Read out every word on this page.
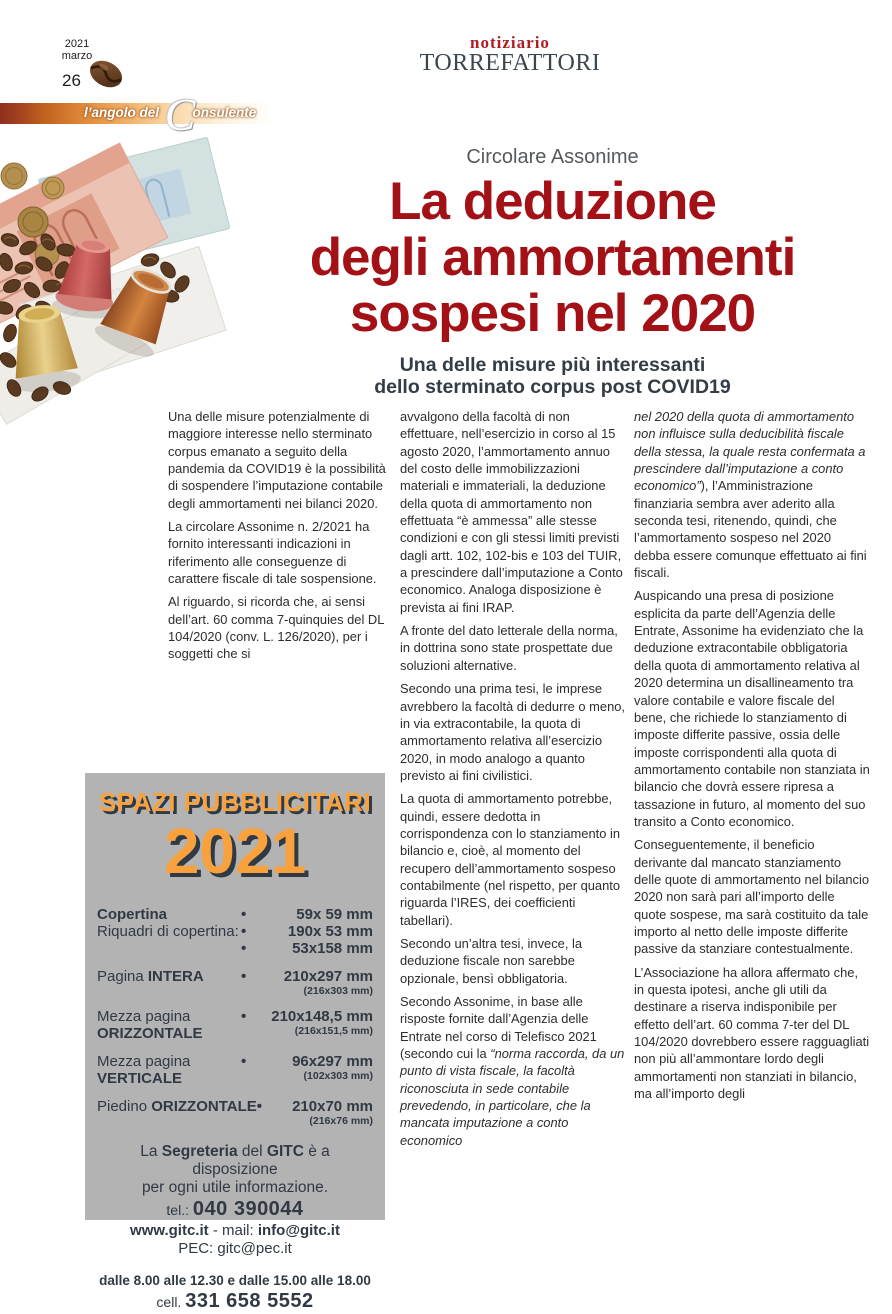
2021
marzo
26
notiziario
TORREFATTORI
l’angolo del Consulente
Circolare Assonime
La deduzione
degli ammortamenti
sospesi nel 2020
Una delle misure più interessanti
dello sterminato corpus post COVID19

Una delle misure potenzialmente di maggiore interesse nello sterminato corpus emanato a seguito della pandemia da COVID19 è la possibilità di sospendere l’imputazione contabile degli ammortamenti nei bilanci 2020.

La circolare Assonime n. 2/2021 ha fornito interessanti indicazioni in riferimento alle conseguenze di carattere fiscale di tale sospensione.

Al riguardo, si ricorda che, ai sensi dell’art. 60 comma 7-quinquies del DL 104/2020 (conv. L. 126/2020), per i soggetti che si

avvalgono della facoltà di non effettuare, nell’esercizio in corso al 15 agosto 2020, l’ammortamento annuo del costo delle immobilizzazioni materiali e immateriali, la deduzione della quota di ammortamento non effettuata “è ammessa” alle stesse condizioni e con gli stessi limiti previsti dagli artt. 102, 102-bis e 103 del TUIR, a prescindere dall’imputazione a Conto economico. Analoga disposizione è prevista ai fini IRAP.

A fronte del dato letterale della norma, in dottrina sono state prospettate due soluzioni alternative.

Secondo una prima tesi, le imprese avrebbero la facoltà di dedurre o meno, in via extracontabile, la quota di ammortamento relativa all’esercizio 2020, in modo analogo a quanto previsto ai fini civilistici.

La quota di ammortamento potrebbe, quindi, essere dedotta in corrispondenza con lo stanziamento in bilancio e, cioè, al momento del recupero dell’ammortamento sospeso contabilmente (nel rispetto, per quanto riguarda l’IRES, dei coefficienti tabellari).

Secondo un’altra tesi, invece, la deduzione fiscale non sarebbe opzionale, bensì obbligatoria.

Secondo Assonime, in base alle risposte fornite dall’Agenzia delle Entrate nel corso di Telefisco 2021 (secondo cui la “norma raccorda, da un punto di vista fiscale, la facoltà riconosciuta in sede contabile prevedendo, in particolare, che la mancata imputazione a conto economico

nel 2020 della quota di ammortamento non influisce sulla deducibilità fiscale della stessa, la quale resta confermata a prescindere dall’imputazione a conto economico”), l’Amministrazione finanziaria sembra aver aderito alla seconda tesi, ritenendo, quindi, che l’ammortamento sospeso nel 2020 debba essere comunque effettuato ai fini fiscali.

Auspicando una presa di posizione esplicita da parte dell’Agenzia delle Entrate, Assonime ha evidenziato che la deduzione extracontabile obbligatoria della quota di ammortamento relativa al 2020 determina un disallineamento tra valore contabile e valore fiscale del bene, che richiede lo stanziamento di imposte differite passive, ossia delle imposte corrispondenti alla quota di ammortamento contabile non stanziata in bilancio che dovrà essere ripresa a tassazione in futuro, al momento del suo transito a Conto economico.

Conseguentemente, il beneficio derivante dal mancato stanziamento delle quote di ammortamento nel bilancio 2020 non sarà pari all’importo delle quote sospese, ma sarà costituito da tale importo al netto delle imposte differite passive da stanziare contestualmente.

L’Associazione ha allora affermato che, in questa ipotesi, anche gli utili da destinare a riserva indisponibile per effetto dell’art. 60 comma 7-ter del DL 104/2020 dovrebbero essere ragguagliati non più all’ammontare lordo degli ammortamenti non stanziati in bilancio, ma all’importo degli

SPAZI PUBBLICITARI
2021
Copertina
Riquadri di copertina:
•	59x 59 mm
•	190x 53 mm
•	53x158 mm
Pagina INTERA	• 210x297 mm
(216x303 mm)
Mezza pagina
ORIZZONTALE
• 210x148,5 mm
(216x151,5 mm)
Mezza pagina
VERTICALE
•	96x297 mm
(102x303 mm)
Piedino ORIZZONTALE • 210x70 mm
(216x76 mm)
La Segreteria del GITC è a disposizione
per ogni utile informazione.
tel.: 040 390044
www.gitc.it - mail: info@gitc.it
PEC: gitc@pec.it
dalle 8.00 alle 12.30 e dalle 15.00 alle 18.00
cell. 331 658 5552
